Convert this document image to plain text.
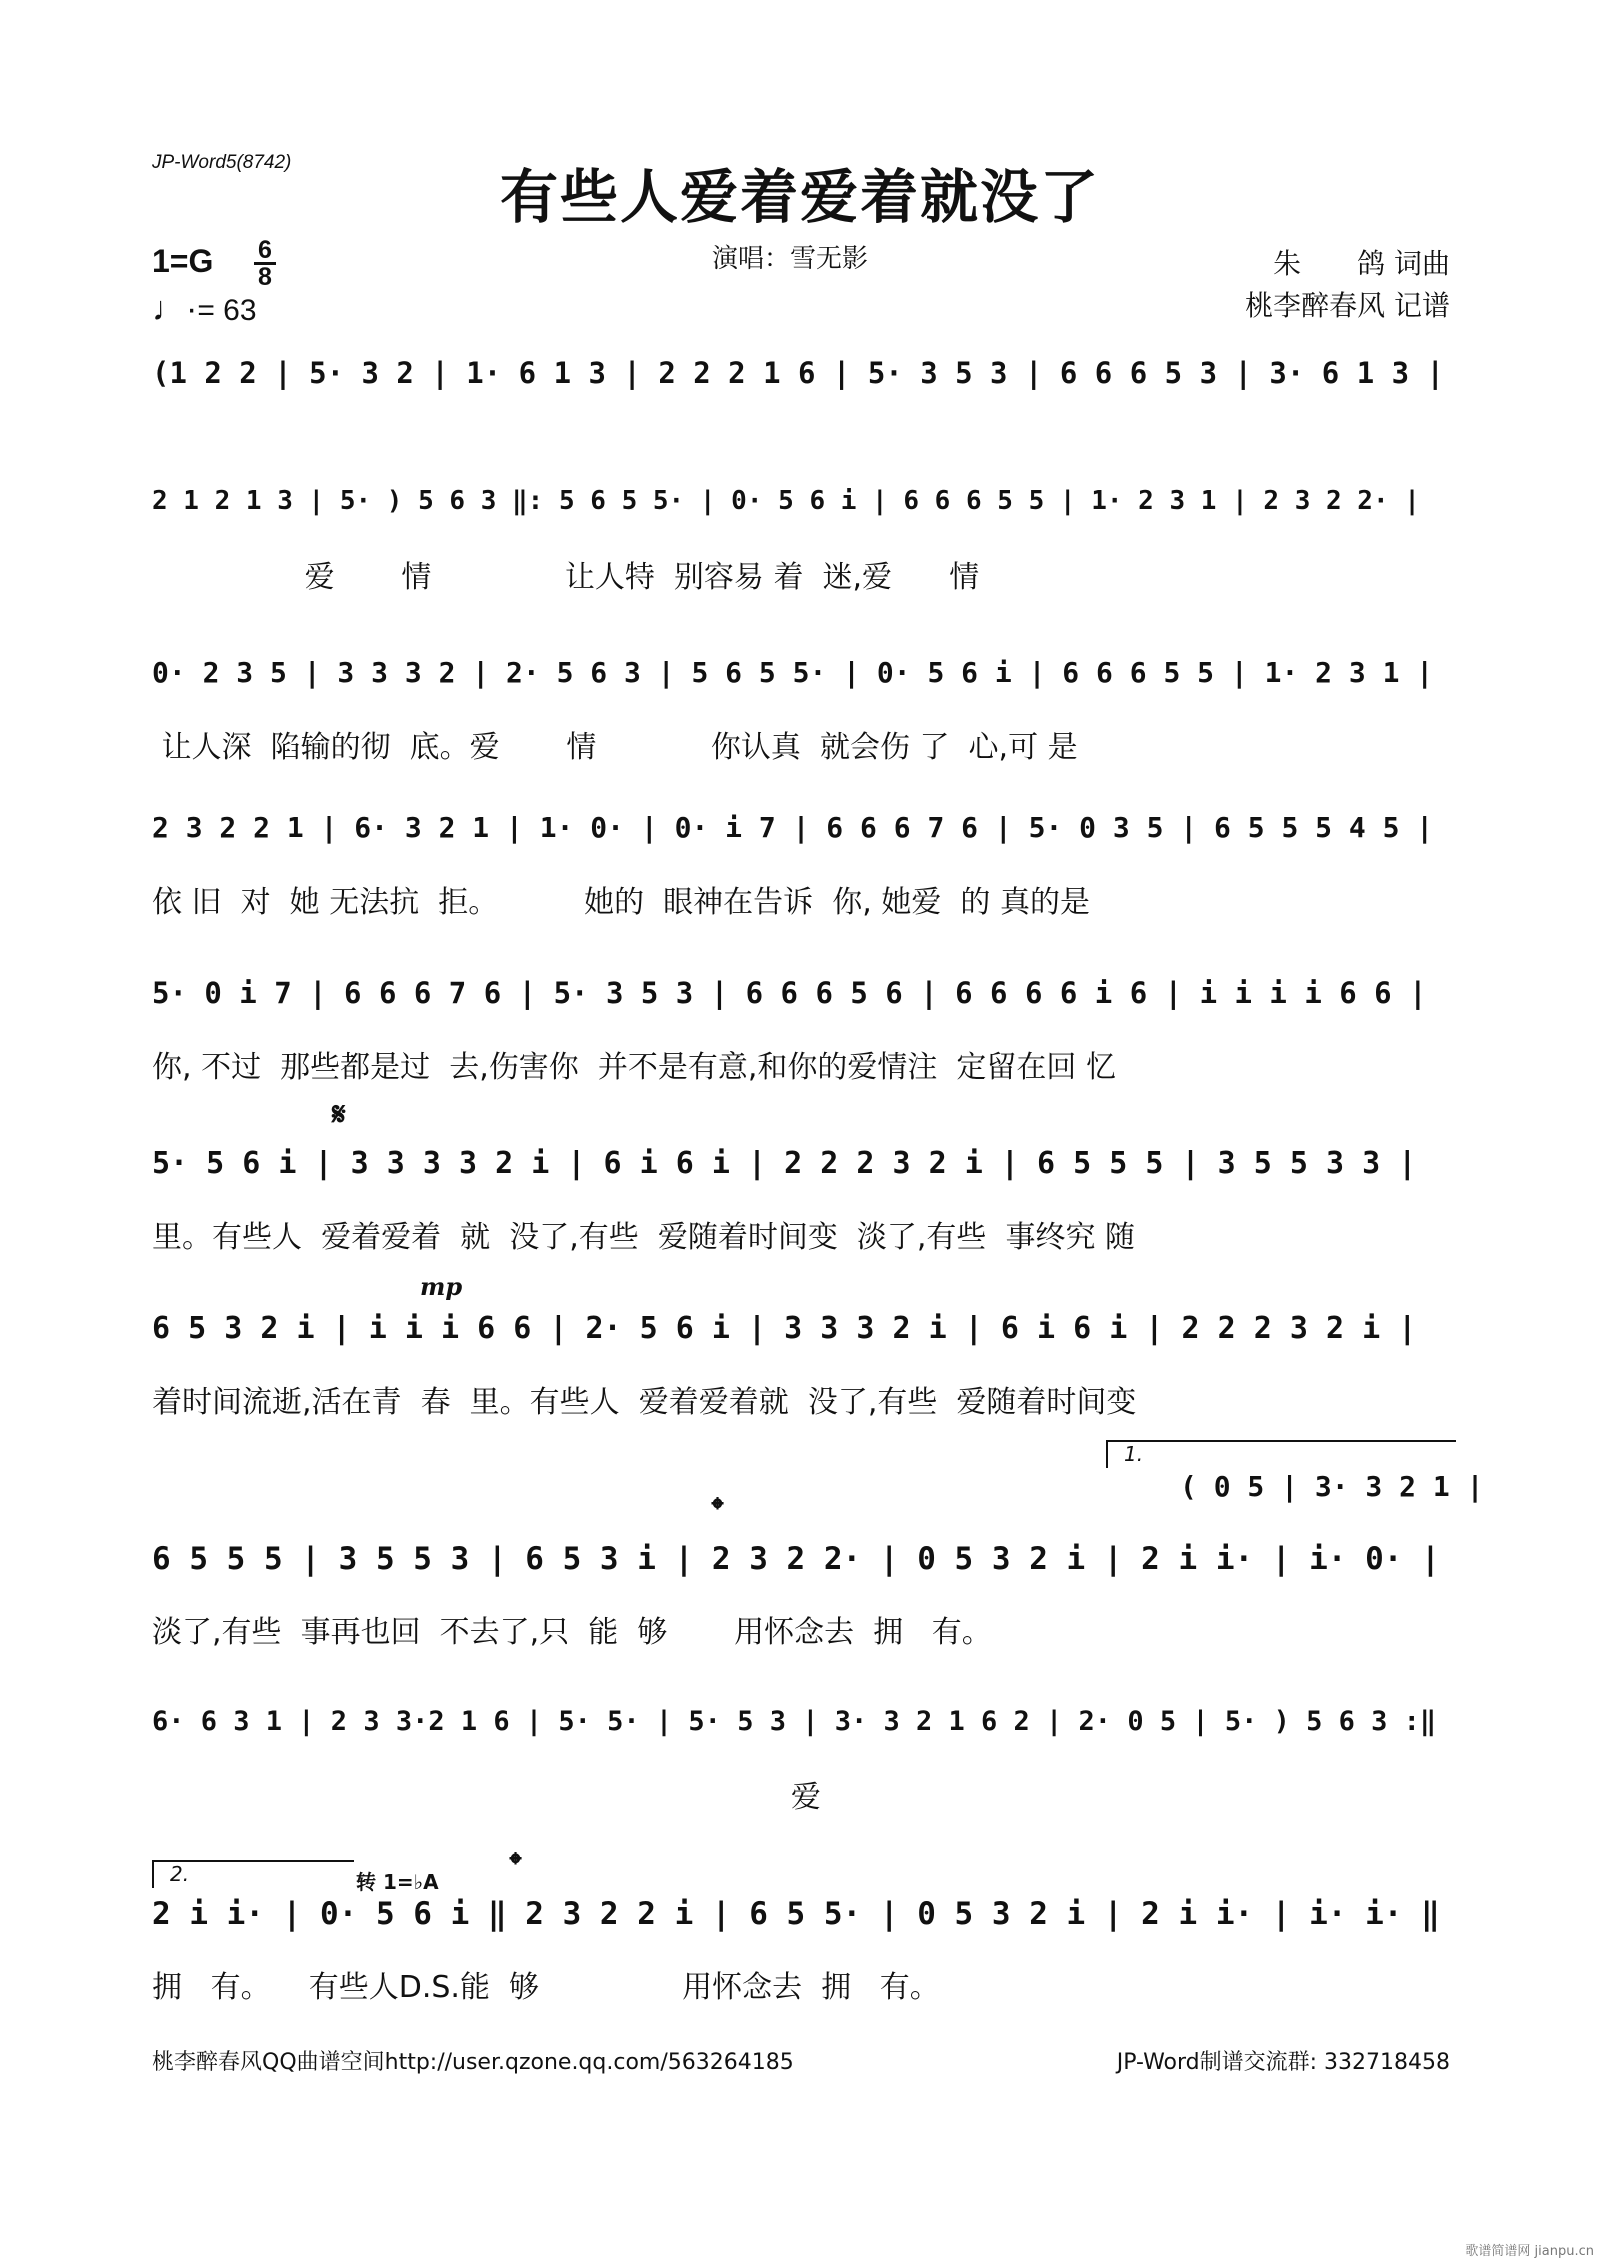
JP-Word5(8742)
有些人爱着爱着就没了
演唱：雪无影	朱　　鸽 词曲
桃李醉春风 记谱
1=G 6
8
♩·= 63
(1 2 2 | 5· 3 2 | 1· 6 1 3 | 2 2 2 1 6 | 5· 3 5 3 | 6 6 6 5 3 | 3· 6 1 3 |
2 1 2 1 3 | 5· ) 5 6 3 ‖: 5 6 5 5· | 0· 5 6 i | 6 6 6 5 5 | 1· 2 3 1 | 2 3 2 2· |
爱       情              让人特  别容易 着  迷,爱      情
0· 2 3 5 | 3 3 3 2 | 2· 5 6 3 | 5 6 5 5· | 0· 5 6 i | 6 6 6 5 5 | 1· 2 3 1 |
让人深  陷输的彻  底。爱       情            你认真  就会伤 了  心,可 是
2 3 2 2 1 | 6· 3 2 1 | 1· 0· | 0· i 7 | 6 6 6 7 6 | 5· 0 3 5 | 6 5 5 5 4 5 |
依 旧  对  她 无法抗  拒。         她的  眼神在告诉  你, 她爱  的 真的是
5· 0 i 7 | 6 6 6 7 6 | 5· 3 5 3 | 6 6 6 5 6 | 6 6 6 6 i 6 | i i i i 6 6 |
你, 不过  那些都是过  去,伤害你  并不是有意,和你的爱情注  定留在回 忆
𝄋
5· 5 6 i | 3 3 3 3 2 i | 6 i 6 i | 2 2 2 3 2 i | 6 5 5 5 | 3 5 5 3 3 |
里。有些人  爱着爱着  就  没了,有些  爱随着时间变  淡了,有些  事终究 随
mp
6 5 3 2 i | i i i 6 6 | 2· 5 6 i | 3 3 3 2 i | 6 i 6 i | 2 2 2 3 2 i |
着时间流逝,活在青  春  里。有些人  爱着爱着就  没了,有些  爱随着时间变
1.
( 0 5 | 3· 3 2 1 |
𝄌
6 5 5 5 | 3 5 5 3 | 6 5 3 i | 2 3 2 2· | 0 5 3 2 i | 2 i i· | i· 0· |
淡了,有些  事再也回  不去了,只  能  够       用怀念去  拥   有。
6· 6 3 1 | 2 3 3·2 1 6 | 5· 5· | 5· 5 3 | 3· 3 2 1 6 2 | 2· 0 5 | 5· ) 5 6 3 :‖
爱
2.	转 1=♭A 𝄌
2 i i· | 0· 5 6 i ‖ 2 3 2 2 i | 6 5 5· | 0 5 3 2 i | 2 i i· | i· i· ‖
拥   有。    有些人D.S.能  够               用怀念去  拥   有。
桃李醉春风QQ曲谱空间http://user.qzone.qq.com/563264185	JP-Word制谱交流群: 332718458
歌谱简谱网 jianpu.cn
